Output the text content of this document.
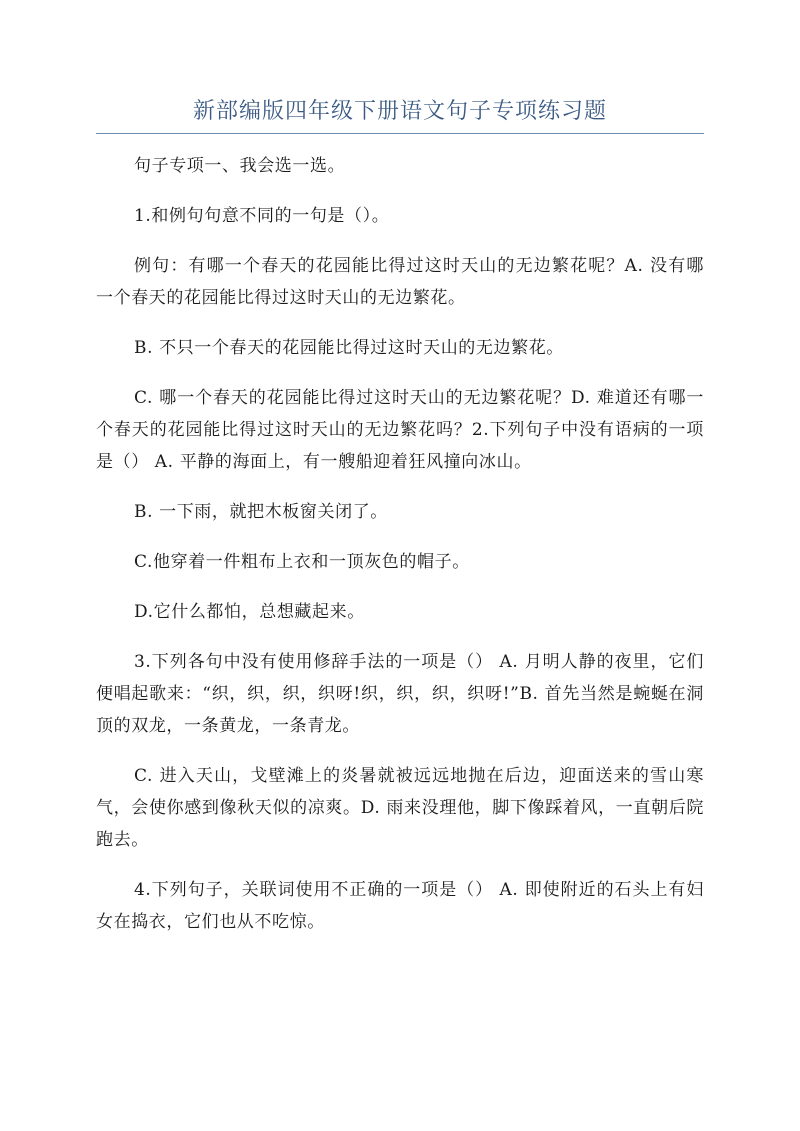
新部编版四年级下册语文句子专项练习题

句子专项一、我会选一选。

1.和例句句意不同的一句是（）。

例句：有哪一个春天的花园能比得过这时天山的无边繁花呢？A. 没有哪一个春天的花园能比得过这时天山的无边繁花。

B. 不只一个春天的花园能比得过这时天山的无边繁花。

C. 哪一个春天的花园能比得过这时天山的无边繁花呢？D. 难道还有哪一个春天的花园能比得过这时天山的无边繁花吗？2.下列句子中没有语病的一项是（） A. 平静的海面上，有一艘船迎着狂风撞向冰山。

B. 一下雨，就把木板窗关闭了。

C.他穿着一件粗布上衣和一顶灰色的帽子。

D.它什么都怕，总想藏起来。

3.下列各句中没有使用修辞手法的一项是（） A. 月明人静的夜里，它们便唱起歌来：“织，织，织，织呀!织，织，织，织呀!”B. 首先当然是蜿蜒在洞顶的双龙，一条黄龙，一条青龙。

C. 进入天山，戈壁滩上的炎暑就被远远地抛在后边，迎面送来的雪山寒气，会使你感到像秋天似的凉爽。D. 雨来没理他，脚下像踩着风，一直朝后院跑去。

4.下列句子，关联词使用不正确的一项是（） A. 即使附近的石头上有妇女在捣衣，它们也从不吃惊。
